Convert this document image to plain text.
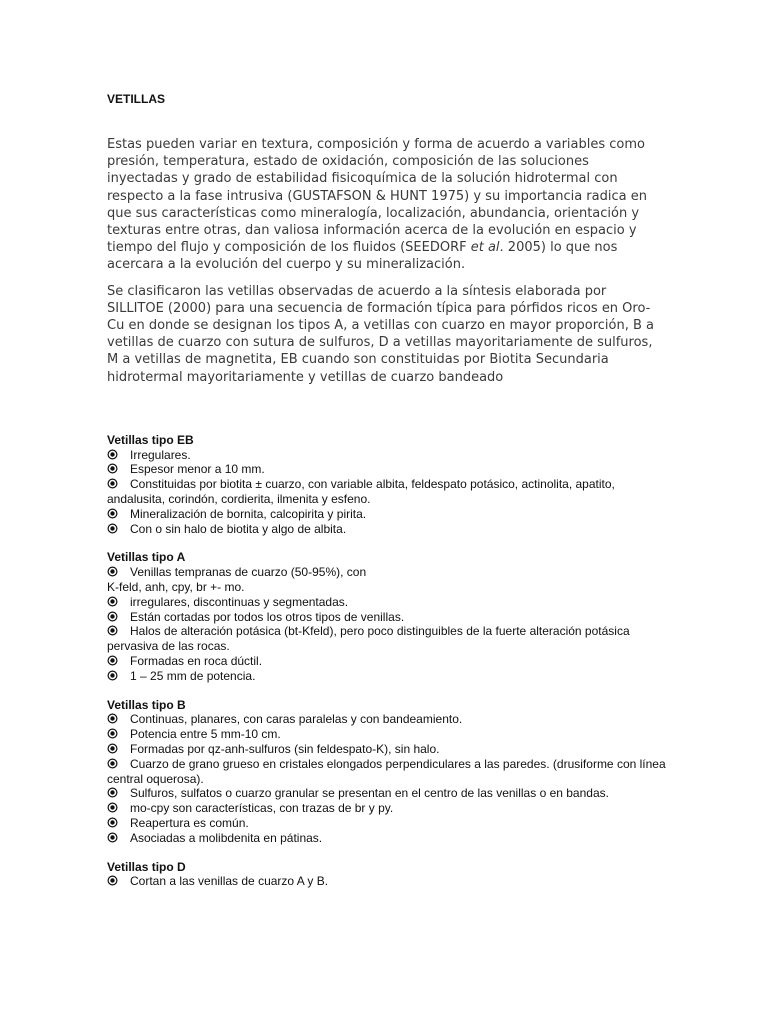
VETILLAS

Estas pueden variar en textura, composición y forma de acuerdo a variables como presión, temperatura, estado de oxidación, composición de las soluciones inyectadas y grado de estabilidad fisicoquímica de la solución hidrotermal con respecto a la fase intrusiva (GUSTAFSON & HUNT 1975) y su importancia radica en que sus características como mineralogía, localización, abundancia, orientación y texturas entre otras, dan valiosa información acerca de la evolución en espacio y tiempo del flujo y composición de los fluidos (SEEDORF et al. 2005) lo que nos acercara a la evolución del cuerpo y su mineralización.

Se clasificaron las vetillas observadas de acuerdo a la síntesis elaborada por SILLITOE (2000) para una secuencia de formación típica para pórfidos ricos en Oro-Cu en donde se designan los tipos A, a vetillas con cuarzo en mayor proporción, B a vetillas de cuarzo con sutura de sulfuros, D a vetillas mayoritariamente de sulfuros, M a vetillas de magnetita, EB cuando son constituidas por Biotita Secundaria hidrotermal mayoritariamente y vetillas de cuarzo bandeado

Vetillas tipo EB

Irregulares.
Espesor menor a 10 mm.
Constituidas por biotita ± cuarzo, con variable albita, feldespato potásico, actinolita, apatito, andalusita, corindón, cordierita, ilmenita y esfeno.
Mineralización de bornita, calcopirita y pirita.
Con o sin halo de biotita y algo de albita.

Vetillas tipo A

Venillas tempranas de cuarzo (50-95%), con
K-feld, anh, cpy, br +- mo.
irregulares, discontinuas y segmentadas.
Están cortadas por todos los otros tipos de venillas.
Halos de alteración potásica (bt-Kfeld), pero poco distinguibles de la fuerte alteración potásica pervasiva de las rocas.
Formadas en roca dúctil.
1 – 25 mm de potencia.

Vetillas tipo B

Continuas, planares, con caras paralelas y con bandeamiento.
Potencia entre 5 mm-10 cm.
Formadas por qz-anh-sulfuros (sin feldespato-K), sin halo.
Cuarzo de grano grueso en cristales elongados perpendiculares a las paredes. (drusiforme con línea central oquerosa).
Sulfuros, sulfatos o cuarzo granular se presentan en el centro de las venillas o en bandas.
mo-cpy son características, con trazas de br y py.
Reapertura es común.
Asociadas a molibdenita en pátinas.

Vetillas tipo D

Cortan a las venillas de cuarzo A y B.
